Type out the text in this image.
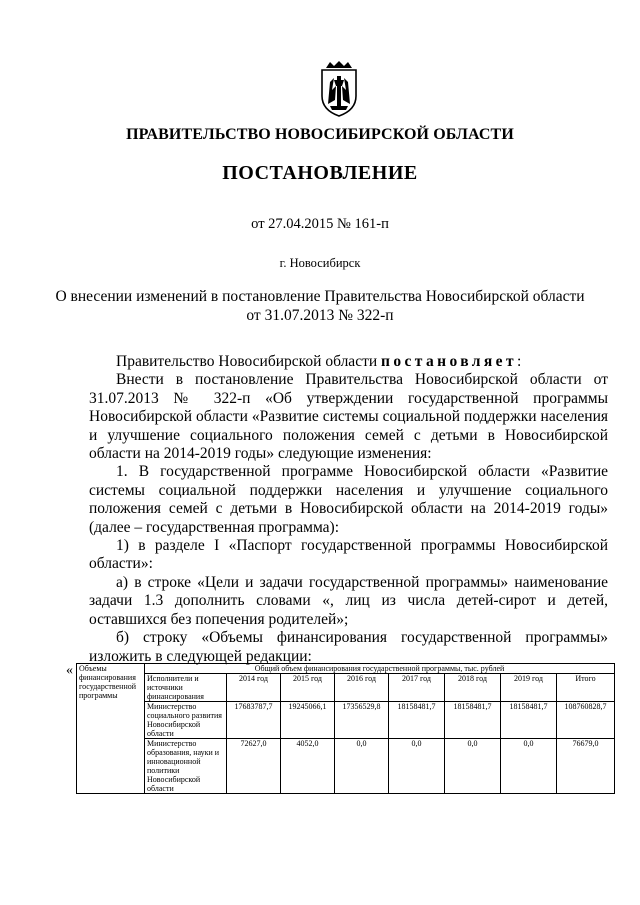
ПРАВИТЕЛЬСТВО НОВОСИБИРСКОЙ ОБЛАСТИ
ПОСТАНОВЛЕНИЕ
от 27.04.2015 № 161-п
г. Новосибирск
О внесении изменений в постановление Правительства Новосибирской области
от 31.07.2013 № 322-п

Правительство Новосибирской области постановляет:

Внести в постановление Правительства Новосибирской области от 31.07.2013 № 322-п «Об утверждении государственной программы Новосибирской области «Развитие системы социальной поддержки населения и улучшение социального положения семей с детьми в Новосибирской области на 2014-2019 годы» следующие изменения:

1. В государственной программе Новосибирской области «Развитие системы социальной поддержки населения и улучшение социального положения семей с детьми в Новосибирской области на 2014-2019 годы» (далее – государственная программа):

1) в разделе I «Паспорт государственной программы Новосибирской области»:

а) в строке «Цели и задачи государственной программы» наименование задачи 1.3 дополнить словами «, лиц из числа детей-сирот и детей, оставшихся без попечения родителей»;

б) строку «Объемы финансирования государственной программы» изложить в следующей редакции:

« Объемы финансирования государственной программы	Общий объем финансирования государственной программы, тыс. рублей							
	Исполнители и источники финансирования	2014 год	2015 год	2016 год	2017 год	2018 год	2019 год	Итого
	Министерство социального развития Новосибирской области	17683787,7	19245066,1	17356529,8	18158481,7	18158481,7	18158481,7	108760828,7
	Министерство образования, науки и инновационной политики Новосибирской области	72627,0	4052,0	0,0	0,0	0,0	0,0	76679,0
